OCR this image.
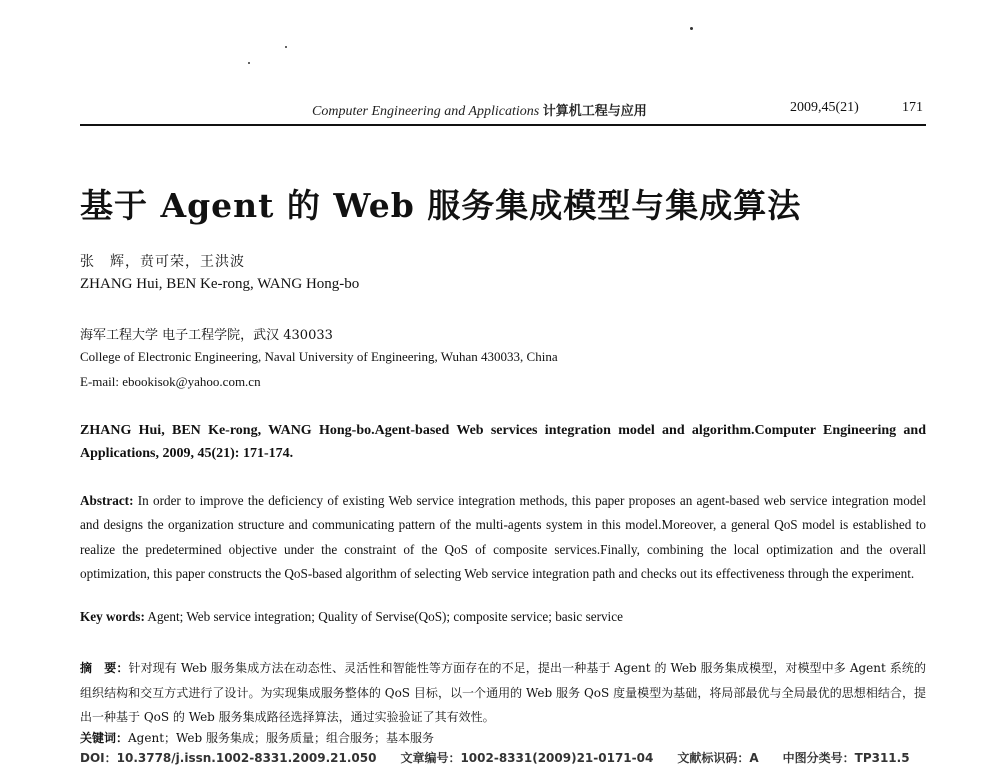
Computer Engineering and Applications 计算机工程与应用	2009,45(21)	171
基于 Agent 的 Web 服务集成模型与集成算法
张　辉，贲可荣，王洪波
ZHANG Hui, BEN Ke-rong, WANG Hong-bo
海军工程大学 电子工程学院，武汉 430033
College of Electronic Engineering, Naval University of Engineering, Wuhan 430033, China
E-mail: ebookisok@yahoo.com.cn
ZHANG Hui, BEN Ke-rong, WANG Hong-bo.Agent-based Web services integration model and algorithm.Computer Engineering and Applications, 2009, 45(21): 171-174.
Abstract: In order to improve the deficiency of existing Web service integration methods, this paper proposes an agent-based web service integration model and designs the organization structure and communicating pattern of the multi-agents system in this model.Moreover, a general QoS model is established to realize the predetermined objective under the constraint of the QoS of composite services.Finally, combining the local optimization and the overall optimization, this paper constructs the QoS-based algorithm of selecting Web service integration path and checks out its effectiveness through the experiment.
Key words: Agent; Web service integration; Quality of Servise(QoS); composite service; basic service
摘　要：针对现有 Web 服务集成方法在动态性、灵活性和智能性等方面存在的不足，提出一种基于 Agent 的 Web 服务集成模型，对模型中多 Agent 系统的组织结构和交互方式进行了设计。为实现集成服务整体的 QoS 目标，以一个通用的 Web 服务 QoS 度量模型为基础，将局部最优与全局最优的思想相结合，提出一种基于 QoS 的 Web 服务集成路径选择算法，通过实验验证了其有效性。
关键词：Agent；Web 服务集成；服务质量；组合服务；基本服务
DOI：10.3778/j.issn.1002-8331.2009.21.050　　文章编号：1002-8331(2009)21-0171-04　　文献标识码：A　　中图分类号：TP311.5
